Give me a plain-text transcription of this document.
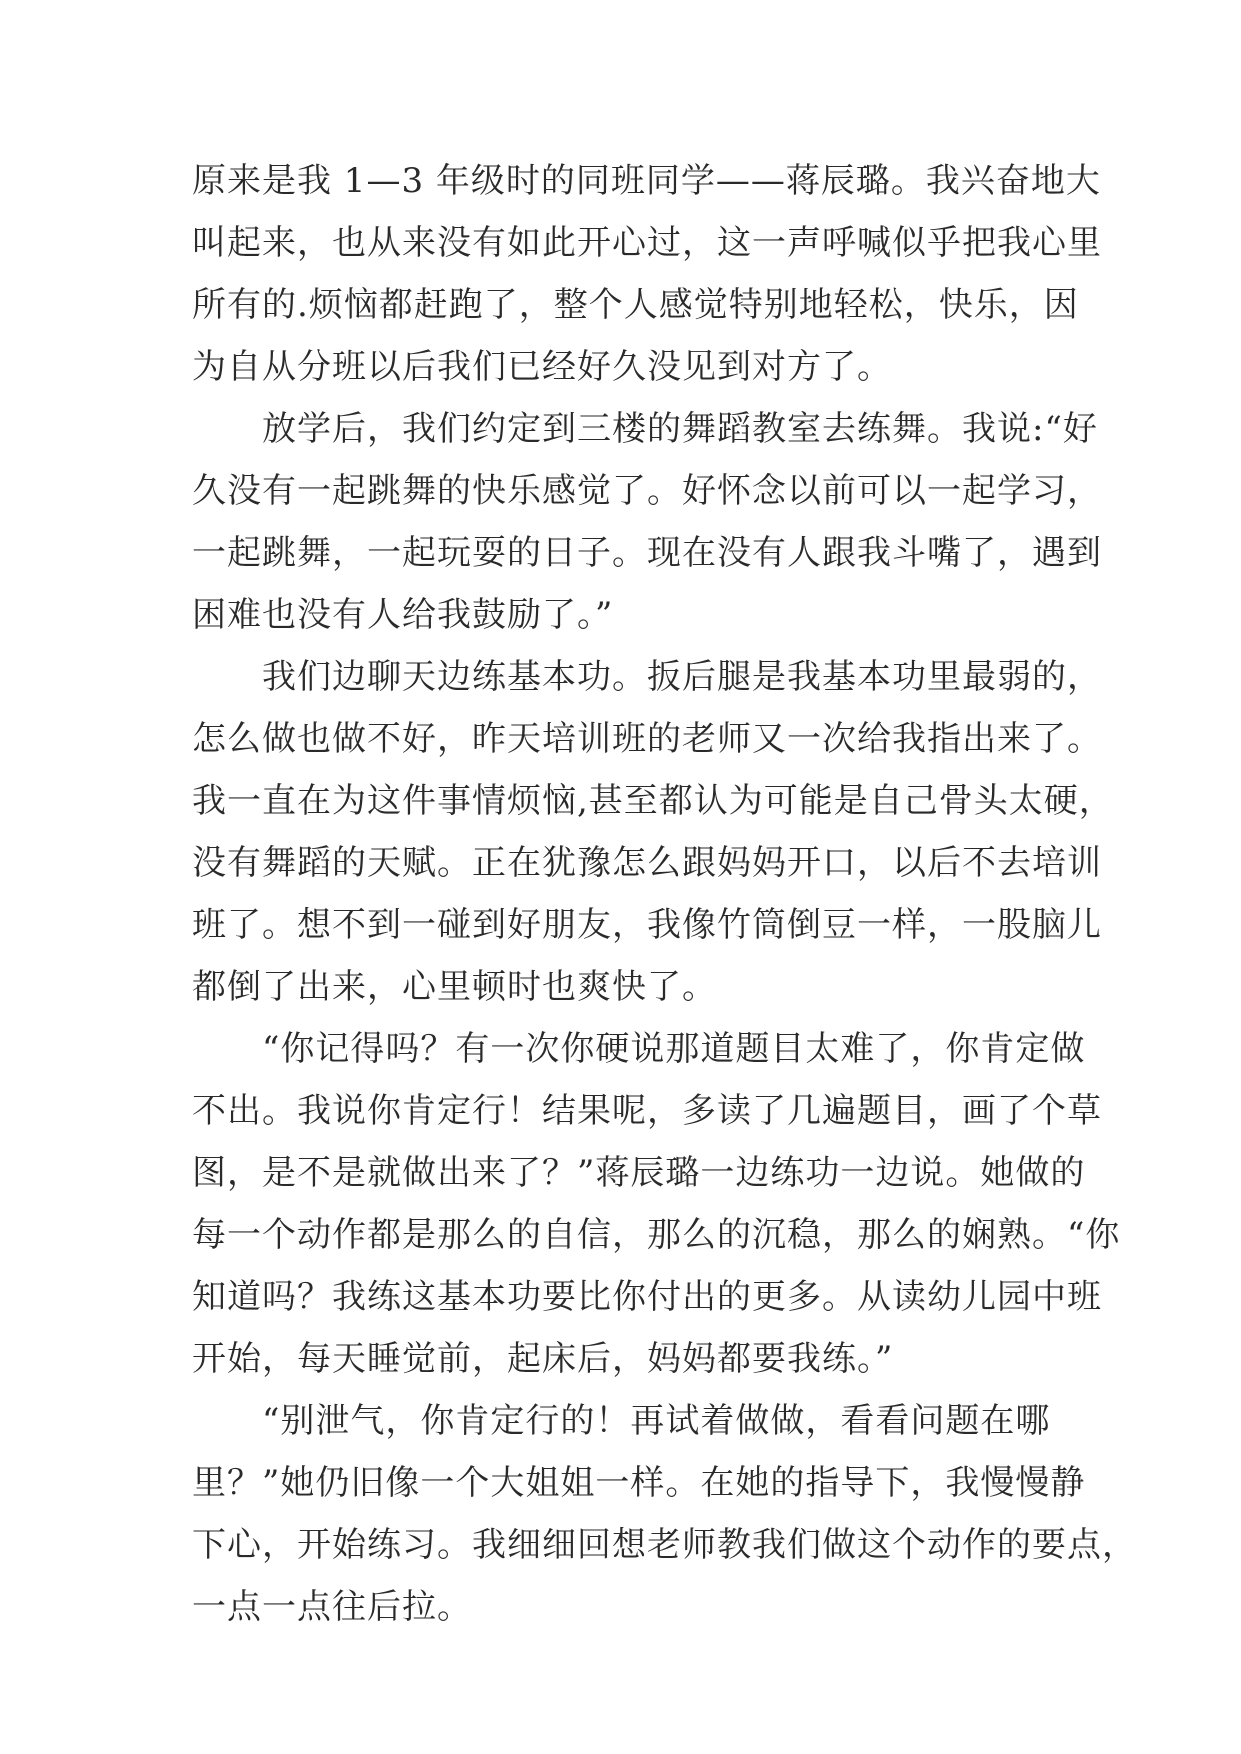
原来是我 1—3 年级时的同班同学——蒋辰璐。我兴奋地大
叫起来，也从来没有如此开心过，这一声呼喊似乎把我心里
所有的.烦恼都赶跑了，整个人感觉特别地轻松，快乐，因
为自从分班以后我们已经好久没见到对方了。
放学后，我们约定到三楼的舞蹈教室去练舞。我说:“好
久没有一起跳舞的快乐感觉了。好怀念以前可以一起学习，
一起跳舞，一起玩耍的日子。现在没有人跟我斗嘴了，遇到
困难也没有人给我鼓励了。”
我们边聊天边练基本功。扳后腿是我基本功里最弱的，
怎么做也做不好，昨天培训班的老师又一次给我指出来了。
我一直在为这件事情烦恼,甚至都认为可能是自己骨头太硬，
没有舞蹈的天赋。正在犹豫怎么跟妈妈开口，以后不去培训
班了。想不到一碰到好朋友，我像竹筒倒豆一样，一股脑儿
都倒了出来，心里顿时也爽快了。
“你记得吗？有一次你硬说那道题目太难了，你肯定做
不出。我说你肯定行！结果呢，多读了几遍题目，画了个草
图，是不是就做出来了？”蒋辰璐一边练功一边说。她做的
每一个动作都是那么的自信，那么的沉稳，那么的娴熟。“你
知道吗？我练这基本功要比你付出的更多。从读幼儿园中班
开始，每天睡觉前，起床后，妈妈都要我练。”
“别泄气，你肯定行的！再试着做做，看看问题在哪
里？”她仍旧像一个大姐姐一样。在她的指导下，我慢慢静
下心，开始练习。我细细回想老师教我们做这个动作的要点，
一点一点往后拉。
